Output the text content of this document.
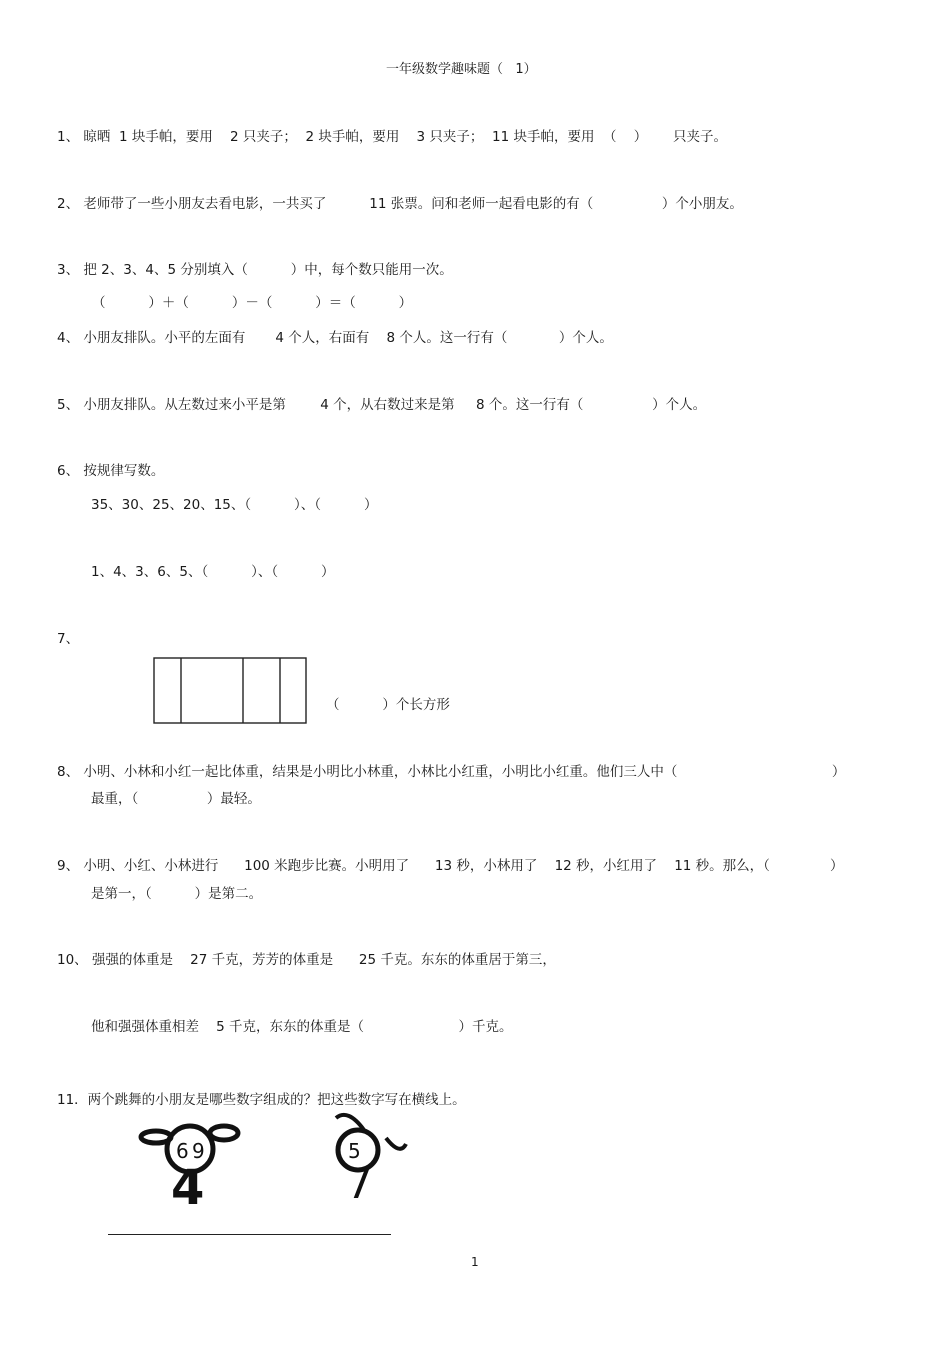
一年级数学趣味题（   1）
1、 晾晒  1 块手帕，要用    2 只夹子；  2 块手帕，要用    3 只夹子；  11 块手帕，要用  （    ）      只夹子。
2、 老师带了一些小朋友去看电影，一共买了          11 张票。问和老师一起看电影的有（                ）个小朋友。
3、 把 2、3、4、5 分别填入（          ）中，每个数只能用一次。
（          ）＋（          ）－（          ）＝（          ）
4、 小朋友排队。小平的左面有       4 个人，右面有    8 个人。这一行有（            ）个人。
5、 小朋友排队。从左数过来小平是第        4 个，从右数过来是第     8 个。这一行有（                ）个人。
6、 按规律写数。
35、30、25、20、15、（          ）、（          ）
1、4、3、6、5、（          ）、（          ）
7、
（          ）个长方形
8、 小明、小林和小红一起比体重，结果是小明比小林重，小林比小红重，小明比小红重。他们三人中（                                    ）
最重，（                ）最轻。
9、 小明、小红、小林进行      100 米跑步比赛。小明用了      13 秒，小林用了    12 秒，小红用了    11 秒。那么，（              ）
是第一，（          ）是第二。
10、 强强的体重是    27 千克，芳芳的体重是      25 千克。东东的体重居于第三，
他和强强体重相差    5 千克，东东的体重是（                      ）千克。
11．两个跳舞的小朋友是哪些数字组成的？把这些数字写在横线上。
6 9
4
5
7
1
